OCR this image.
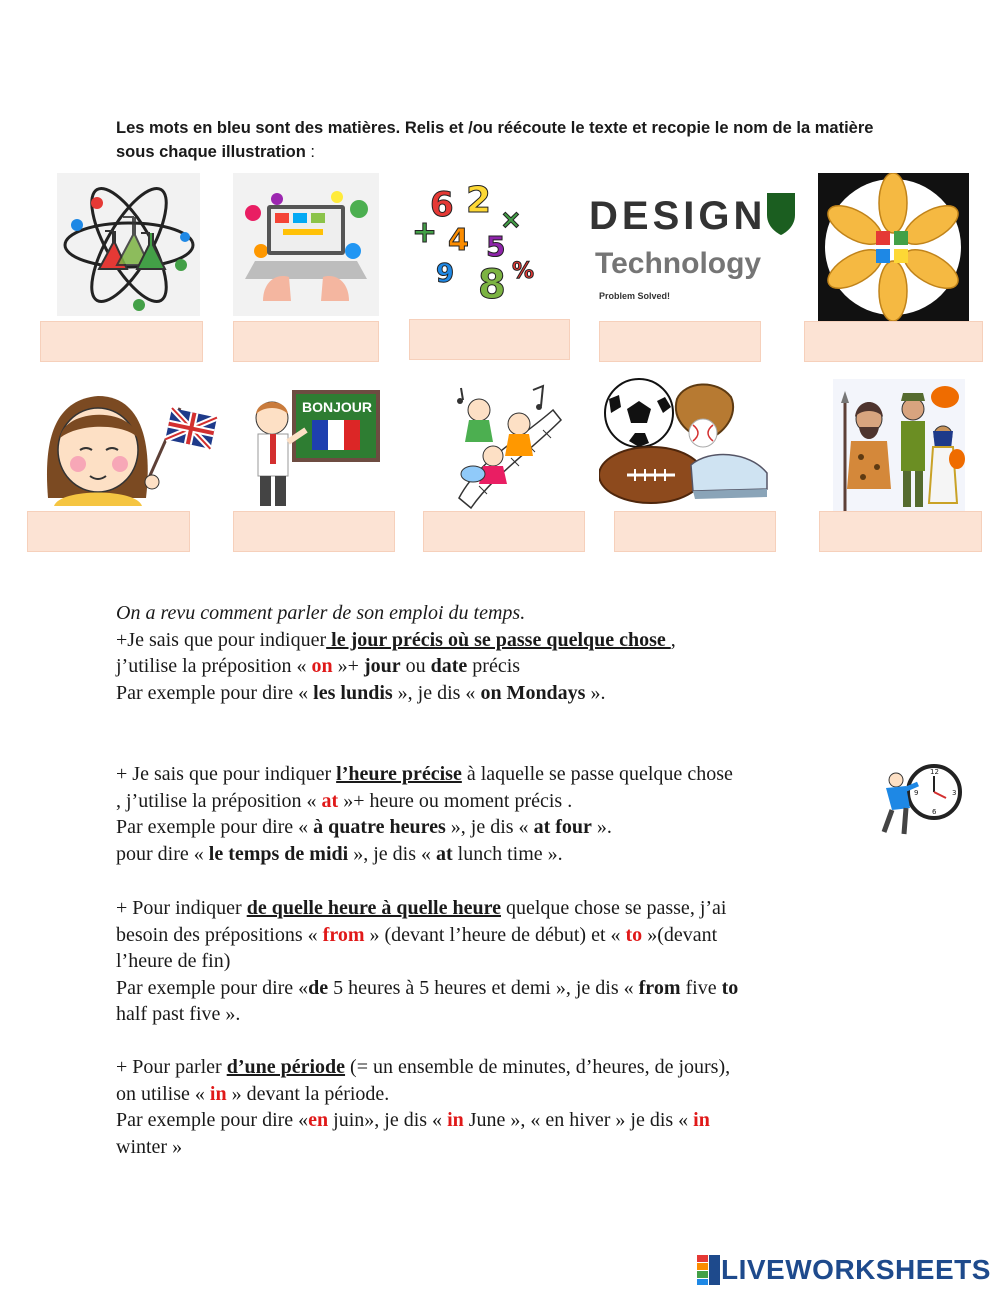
Les mots en bleu sont des matières. Relis et /ou réécoute le texte et recopie le nom de la matière sous chaque illustration :
6 2 ×
+ 4 5
9 8 %
DESIGN
Technology
Problem Solved!
BONJOUR
On a revu comment parler de son emploi du temps.
+Je sais que pour indiquer le jour précis où se passe quelque chose ,
j’utilise la préposition « on »+ jour ou date précis
Par exemple pour dire « les lundis », je dis « on Mondays ».
+ Je sais que pour indiquer l’heure précise à laquelle se passe quelque chose
, j’utilise la préposition « at »+ heure ou moment précis .
Par exemple pour dire « à quatre heures », je dis « at four ».
pour dire « le temps de midi », je dis « at lunch time ».
12
3
6
9
+ Pour indiquer de quelle heure à quelle heure quelque chose se passe, j’ai
besoin des prépositions « from » (devant l’heure de début) et « to »(devant
l’heure de fin)
Par exemple pour dire «de 5 heures à 5 heures et demi », je dis « from five to
half past five ».
+ Pour parler d’une période (= un ensemble de minutes, d’heures, de jours),
on utilise « in » devant la période.
Par exemple pour dire «en juin», je dis « in June », « en hiver » je dis « in
winter »
LIVEWORKSHEETS
